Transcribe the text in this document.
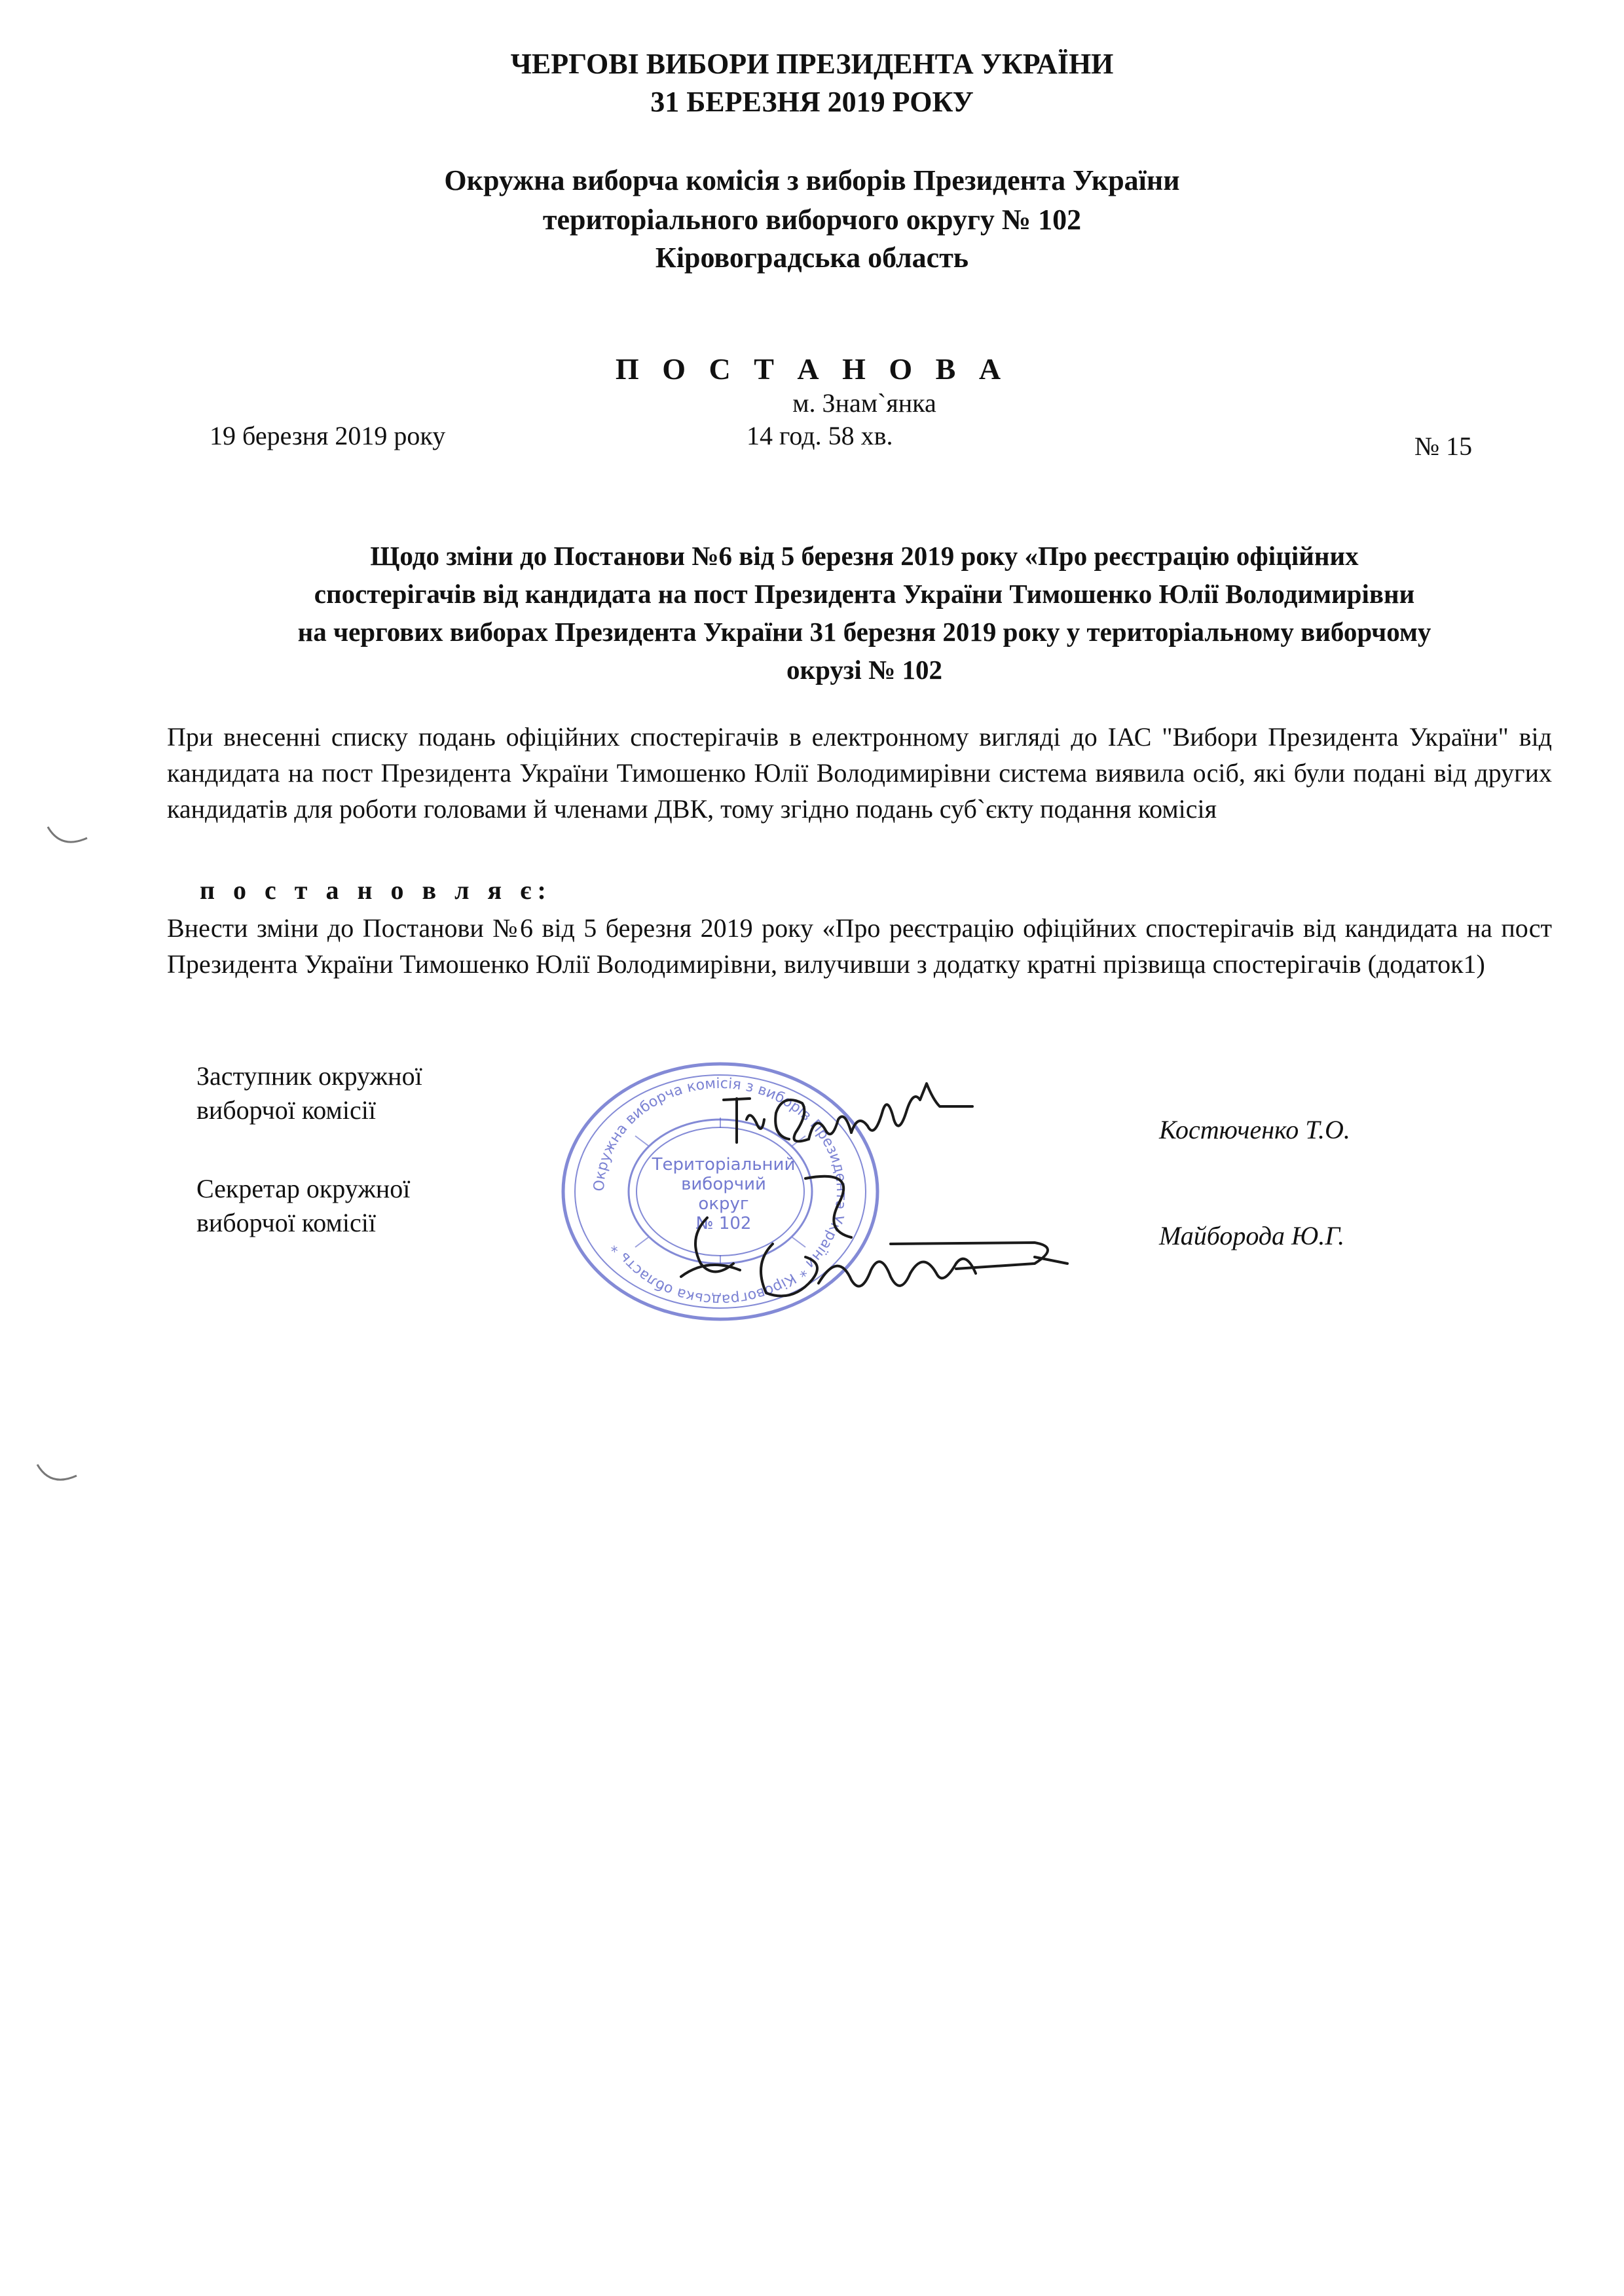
ЧЕРГОВІ ВИБОРИ ПРЕЗИДЕНТА УКРАЇНИ
31 БЕРЕЗНЯ 2019 РОКУ
Окружна виборча комісія з виборів Президента України
територіального виборчого округу № 102
Кіровоградська область
П О С Т А Н О В А
м. Знам`янка
19 березня 2019 року	14 год. 58 хв.	№ 15
Щодо зміни до Постанови №6 від 5 березня 2019 року «Про реєстрацію офіційних
спостерігачів від кандидата на пост Президента України Тимошенко Юлії Володимирівни
на чергових виборах Президента України 31 березня 2019 року у територіальному виборчому
окрузі № 102
При внесенні списку подань офіційних спостерігачів в електронному вигляді до ІАС "Вибори Президента України" від кандидата на пост Президента України Тимошенко Юлії Володимирівни система виявила осіб, які були подані від других кандидатів для роботи головами й членами ДВК, тому згідно подань суб`єкту подання комісія
п о с т а н о в л я є:
Внести зміни до Постанови №6 від 5 березня 2019 року «Про реєстрацію офіційних спостерігачів від кандидата на пост Президента України Тимошенко Юлії Володимирівни, вилучивши з додатку кратні прізвища спостерігачів (додаток1)
Окружна виборча комісія з виборів Президента України * Кіровоградська область *
Територіальний
виборчий
округ
№ 102
Заступник окружної
виборчої комісії
Костюченко Т.О.
Секретар окружної
виборчої комісії	Майборода Ю.Г.
